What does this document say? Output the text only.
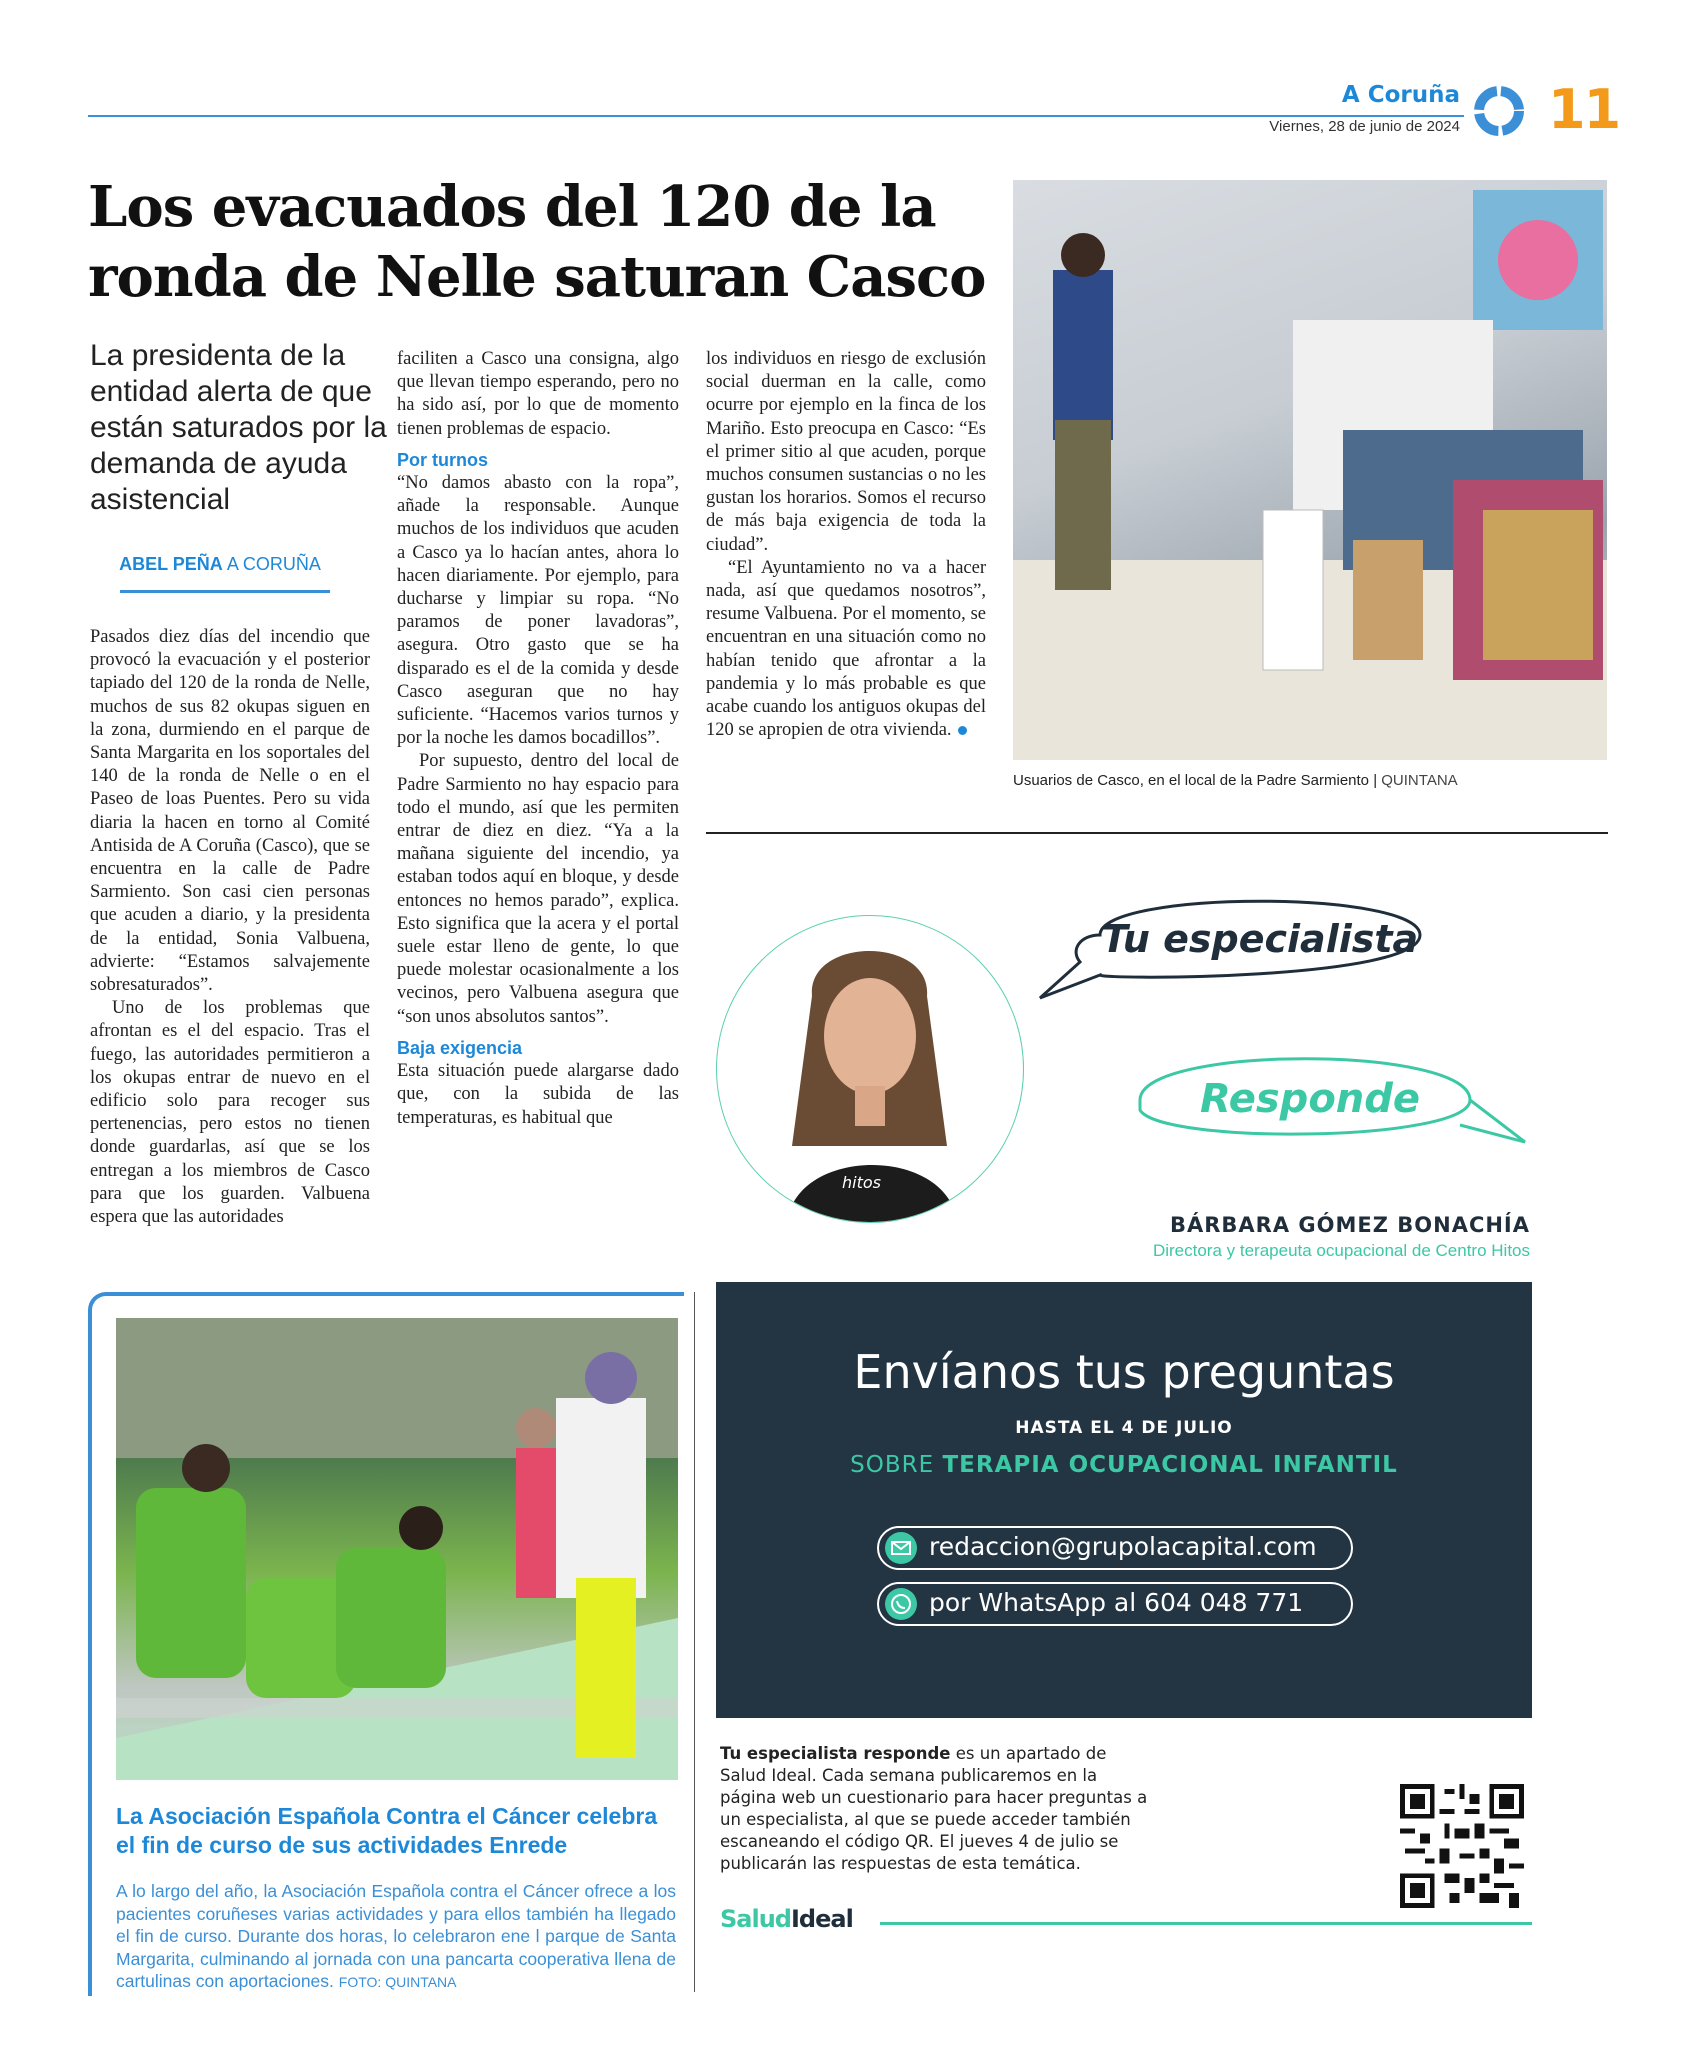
A Coruña
Viernes, 28 de junio de 2024 11
Los evacuados del 120 de la
ronda de Nelle saturan Casco
La presidenta de la entidad alerta de que están saturados por la demanda de ayuda asistencial
ABEL PEÑA A CORUÑA

Pasados diez días del incendio que provocó la evacuación y el posterior tapiado del 120 de la ronda de Nelle, muchos de sus 82 okupas siguen en la zona, durmiendo en el parque de Santa Margarita en los soportales del 140 de la ronda de Nelle o en el Paseo de loas Puentes. Pero su vida diaria la hacen en torno al Comité Antisida de A Coruña (Casco), que se encuentra en la calle de Padre Sarmiento. Son casi cien personas que acuden a diario, y la presidenta de la entidad, Sonia Valbuena, advierte: “Estamos salvajemente sobresaturados”.

Uno de los problemas que afrontan es el del espacio. Tras el fuego, las autoridades permitieron a los okupas entrar de nuevo en el edificio solo para recoger sus pertenencias, pero estos no tienen donde guardarlas, así que se los entregan a los miembros de Casco para que los guarden. Valbuena espera que las autoridades

faciliten a Casco una consigna, algo que llevan tiempo esperando, pero no ha sido así, por lo que de momento tienen problemas de espacio.

Por turnos

“No damos abasto con la ropa”, añade la responsable. Aunque muchos de los individuos que acuden a Casco ya lo hacían antes, ahora lo hacen diariamente. Por ejemplo, para ducharse y limpiar su ropa. “No paramos de poner lavadoras”, asegura. Otro gasto que se ha disparado es el de la comida y desde Casco aseguran que no hay suficiente. “Hacemos varios turnos y por la noche les damos bocadillos”.

Por supuesto, dentro del local de Padre Sarmiento no hay espacio para todo el mundo, así que les permiten entrar de diez en diez. “Ya a la mañana siguiente del incendio, ya estaban todos aquí en bloque, y desde entonces no hemos parado”, explica. Esto significa que la acera y el portal suele estar lleno de gente, lo que puede molestar ocasionalmente a los vecinos, pero Valbuena asegura que “son unos absolutos santos”.

Baja exigencia

Esta situación puede alargarse dado que, con la subida de las temperaturas, es habitual que

los individuos en riesgo de exclusión social duerman en la calle, como ocurre por ejemplo en la finca de los Mariño. Esto preocupa en Casco: “Es el primer sitio al que acuden, porque muchos consumen sustancias o no les gustan los horarios. Somos el recurso de más baja exigencia de toda la ciudad”.

“El Ayuntamiento no va a hacer nada, así que quedamos nosotros”, resume Valbuena. Por el momento, se encuentran en una situación como no habían tenido que afrontar a la pandemia y lo más probable es que acabe cuando los antiguos okupas del 120 se apropien de otra vivienda.

Usuarios de Casco, en el local de la Padre Sarmiento | QUINTANA
La Asociación Española Contra el Cáncer celebra el fin de curso de sus actividades Enrede
A lo largo del año, la Asociación Española contra el Cáncer ofrece a los pacientes coruñeses varias actividades y para ellos también ha llegado el fin de curso. Durante dos horas, lo celebraron ene l parque de Santa Margarita, culminando al jornada con una pancarta cooperativa llena de cartulinas con aportaciones. FOTO: QUINTANA
hitos
Tu especialista
Responde
BÁRBARA GÓMEZ BONACHÍA
Directora y terapeuta ocupacional de Centro Hitos
Envíanos tus preguntas
HASTA EL 4 DE JULIO
SOBRE TERAPIA OCUPACIONAL INFANTIL
redaccion@grupolacapital.com
por WhatsApp al 604 048 771
Tu especialista responde es un apartado de Salud Ideal. Cada semana publicaremos en la página web un cuestionario para hacer preguntas a un especialista, al que se puede acceder también escaneando el código QR. El jueves 4 de julio se publicarán las respuestas de esta temática.
SaludIdeal
